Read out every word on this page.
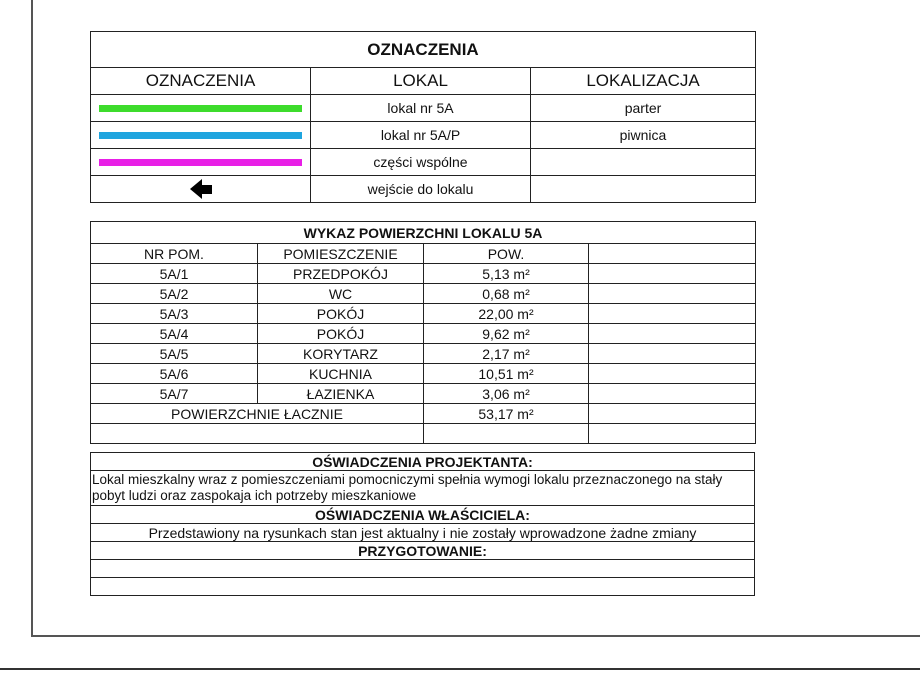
OZNACZENIA		
OZNACZENIA	LOKAL	LOKALIZACJA

	lokal nr 5A	parter

	lokal nr 5A/P	piwnica

	części wspólne	
	wejście do lokalu	
WYKAZ POWIERZCHNI LOKALU 5A			
NR POM.	POMIESZCZENIE	POW.	
5A/1	PRZEDPOKÓJ	5,13 m²	
5A/2	WC	0,68 m²	
5A/3	POKÓJ	22,00 m²	
5A/4	POKÓJ	9,62 m²	
5A/5	KORYTARZ	2,17 m²	
5A/6	KUCHNIA	10,51 m²	
5A/7	ŁAZIENKA	3,06 m²	
POWIERZCHNIE ŁACZNIE		53,17 m²	

OŚWIADCZENIA PROJEKTANTA:
Lokal mieszkalny wraz z pomieszczeniami pomocniczymi spełnia wymogi lokalu przeznaczonego na stały pobyt ludzi oraz zaspokaja ich potrzeby mieszkaniowe
OŚWIADCZENIA WŁAŚCICIELA:
Przedstawiony na rysunkach stan jest aktualny i nie zostały wprowadzone żadne zmiany
PRZYGOTOWANIE:
